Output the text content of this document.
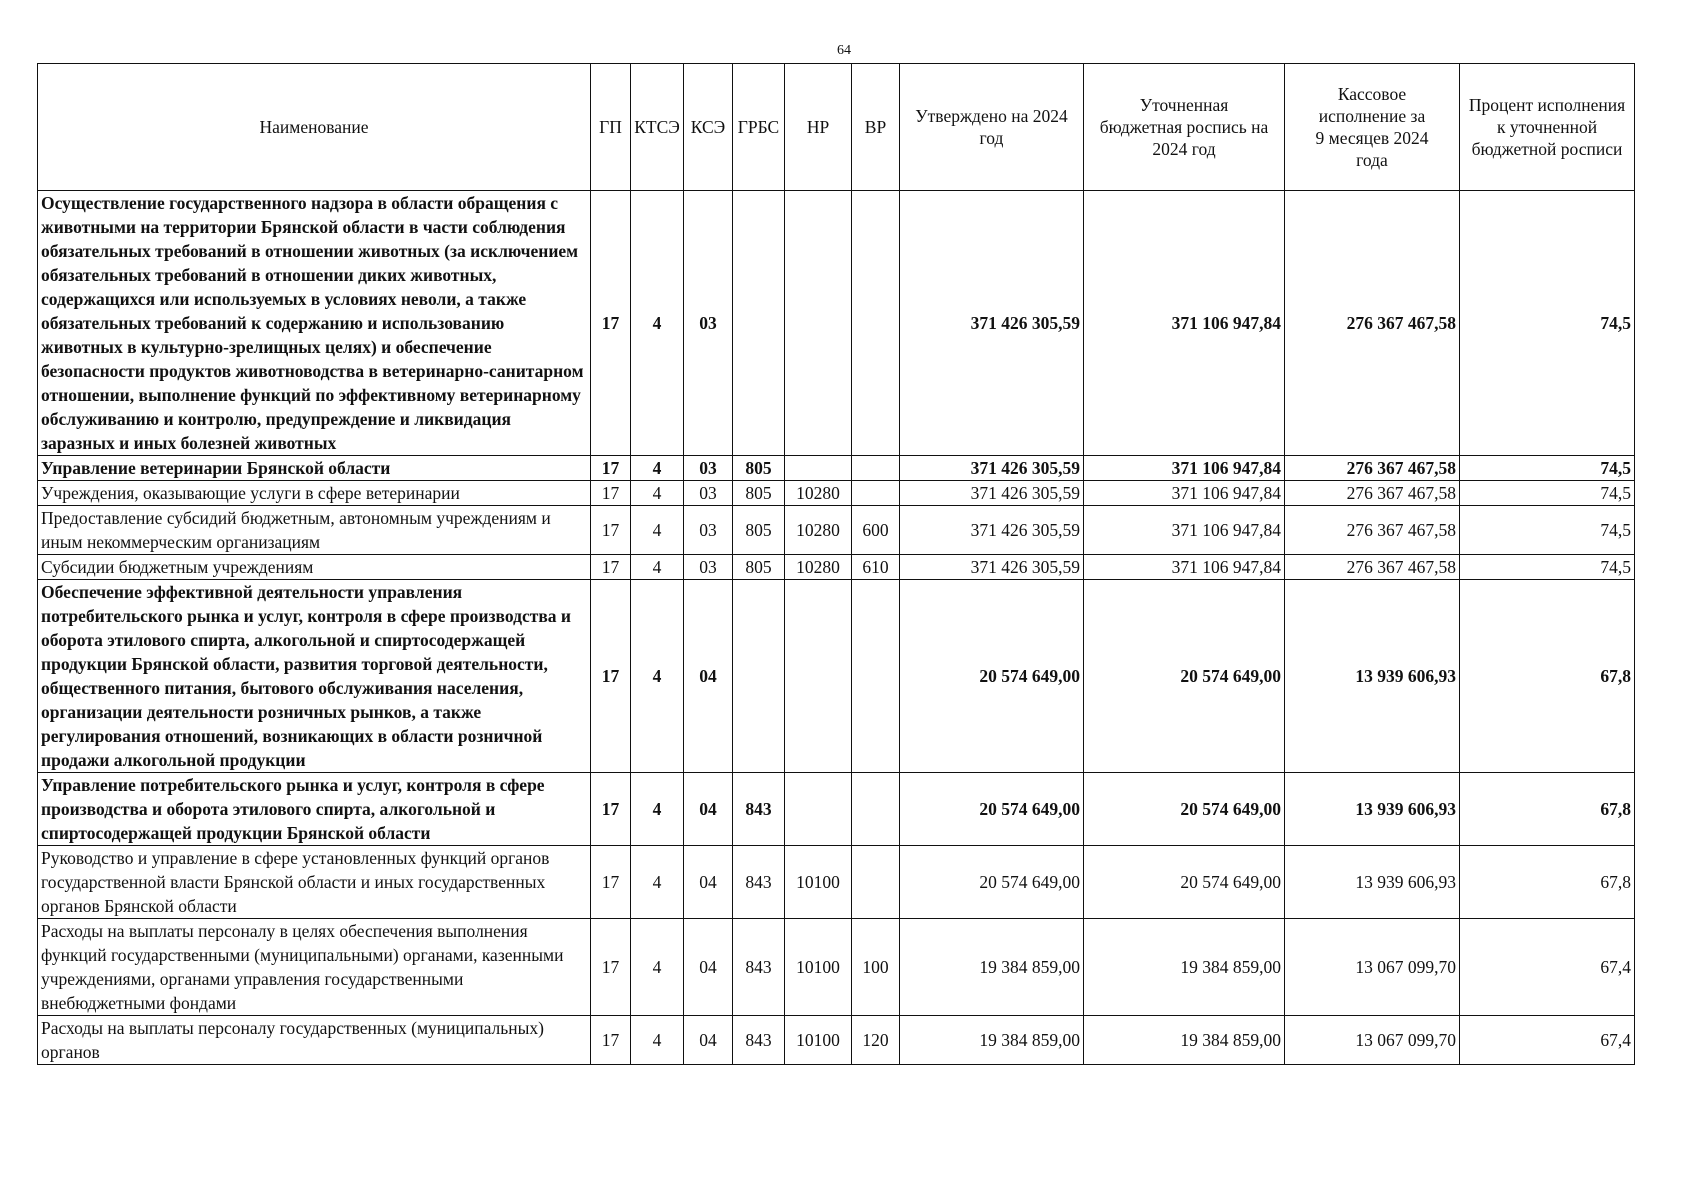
64
Наименование	ГП	КТСЭ	КСЭ	ГРБС	НР	ВР	Утверждено на 2024 год	Уточненная бюджетная роспись на 2024 год	Кассовое исполнение за 9 месяцев 2024 года	Процент исполнения к уточненной бюджетной росписи
Осуществление государственного надзора в области обращения с животными на территории Брянской области в части соблюдения обязательных требований в отношении животных (за исключением обязательных требований в отношении диких животных, содержащихся или используемых в условиях неволи, а также обязательных требований к содержанию и использованию животных в культурно-зрелищных целях) и обеспечение безопасности продуктов животноводства в ветеринарно-санитарном отношении, выполнение функций по эффективному ветеринарному обслуживанию и контролю, предупреждение и ликвидация заразных и иных болезней животных	17	4	03				371 426 305,59	371 106 947,84	276 367 467,58	74,5
Управление ветеринарии Брянской области	17	4	03	805			371 426 305,59	371 106 947,84	276 367 467,58	74,5
Учреждения, оказывающие услуги в сфере ветеринарии	17	4	03	805	10280		371 426 305,59	371 106 947,84	276 367 467,58	74,5
Предоставление субсидий бюджетным, автономным учреждениям и иным некоммерческим организациям	17	4	03	805	10280	600	371 426 305,59	371 106 947,84	276 367 467,58	74,5
Субсидии бюджетным учреждениям	17	4	03	805	10280	610	371 426 305,59	371 106 947,84	276 367 467,58	74,5
Обеспечение эффективной деятельности управления потребительского рынка и услуг, контроля в сфере производства и оборота этилового спирта, алкогольной и спиртосодержащей продукции Брянской области, развития торговой деятельности, общественного питания, бытового обслуживания населения, организации деятельности розничных рынков, а также регулирования отношений, возникающих в области розничной продажи алкогольной продукции	17	4	04				20 574 649,00	20 574 649,00	13 939 606,93	67,8
Управление потребительского рынка и услуг, контроля в сфере производства и оборота этилового спирта, алкогольной и спиртосодержащей продукции Брянской области	17	4	04	843			20 574 649,00	20 574 649,00	13 939 606,93	67,8
Руководство и управление в сфере установленных функций органов государственной власти Брянской области и иных государственных органов Брянской области	17	4	04	843	10100		20 574 649,00	20 574 649,00	13 939 606,93	67,8
Расходы на выплаты персоналу в целях обеспечения выполнения функций государственными (муниципальными) органами, казенными учреждениями, органами управления государственными внебюджетными фондами	17	4	04	843	10100	100	19 384 859,00	19 384 859,00	13 067 099,70	67,4
Расходы на выплаты персоналу государственных (муниципальных) органов	17	4	04	843	10100	120	19 384 859,00	19 384 859,00	13 067 099,70	67,4
